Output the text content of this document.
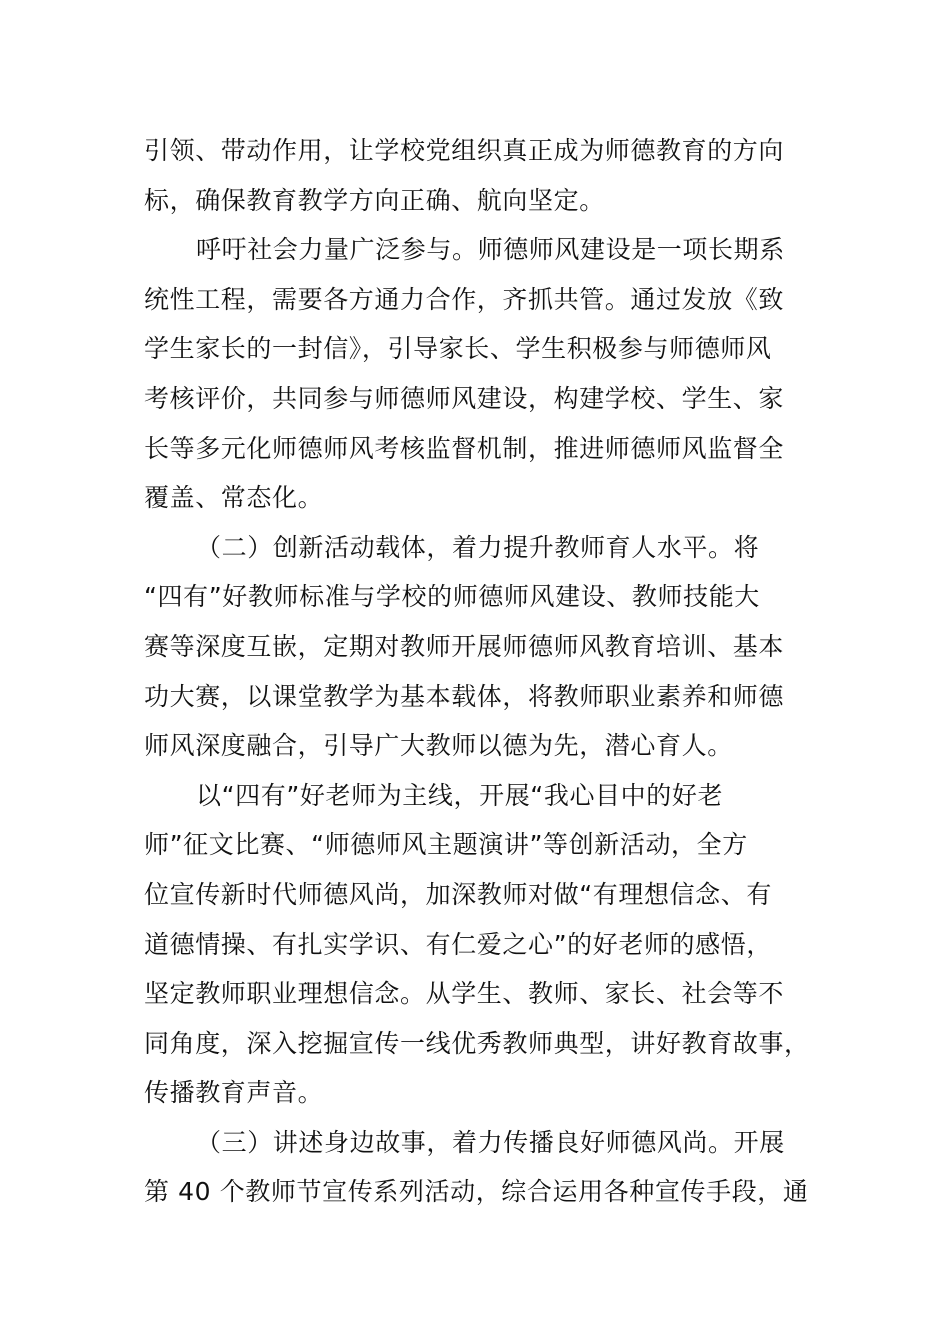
引领、带动作用，让学校党组织真正成为师德教育的方向
标，确保教育教学方向正确、航向坚定。
呼吁社会力量广泛参与。师德师风建设是一项长期系
统性工程，需要各方通力合作，齐抓共管。通过发放《致
学生家长的一封信》，引导家长、学生积极参与师德师风
考核评价，共同参与师德师风建设，构建学校、学生、家
长等多元化师德师风考核监督机制，推进师德师风监督全
覆盖、常态化。
（二）创新活动载体，着力提升教师育人水平。将
“四有”好教师标准与学校的师德师风建设、教师技能大
赛等深度互嵌，定期对教师开展师德师风教育培训、基本
功大赛，以课堂教学为基本载体，将教师职业素养和师德
师风深度融合，引导广大教师以德为先，潜心育人。
以“四有”好老师为主线，开展“我心目中的好老
师”征文比赛、“师德师风主题演讲”等创新活动，全方
位宣传新时代师德风尚，加深教师对做“有理想信念、有
道德情操、有扎实学识、有仁爱之心”的好老师的感悟，
坚定教师职业理想信念。从学生、教师、家长、社会等不
同角度，深入挖掘宣传一线优秀教师典型，讲好教育故事，
传播教育声音。
（三）讲述身边故事，着力传播良好师德风尚。开展
第 40 个教师节宣传系列活动，综合运用各种宣传手段，通
